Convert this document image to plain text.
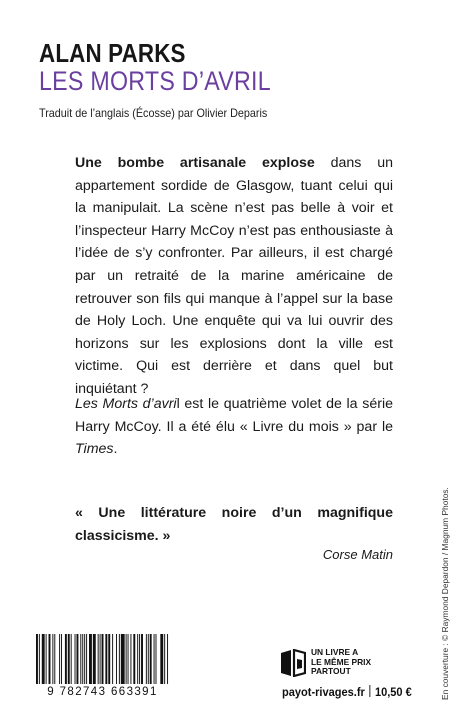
ALAN PARKS
LES MORTS D’AVRIL
Traduit de l’anglais (Écosse) par Olivier Deparis
Une bombe artisanale explose dans un appartement sordide de Glasgow, tuant celui qui la manipulait. La scène n’est pas belle à voir et l’inspecteur Harry McCoy n’est pas enthousiaste à l’idée de s’y confronter. Par ailleurs, il est chargé par un retraité de la marine américaine de retrouver son fils qui manque à l’appel sur la base de Holy Loch. Une enquête qui va lui ouvrir des horizons sur les explosions dont la ville est victime. Qui est derrière et dans quel but inquiétant ?
Les Morts d’avril est le quatrième volet de la série Harry McCoy. Il a été élu « Livre du mois » par le Times.
« Une littérature noire d’un magnifique classicisme. »
Corse Matin	En couverture : © Raymond Depardon / Magnum Photos.
9 782743 663391
UN LIVRE A
LE MÊME PRIX
PARTOUT
payot-rivages.fr 10,50 €
